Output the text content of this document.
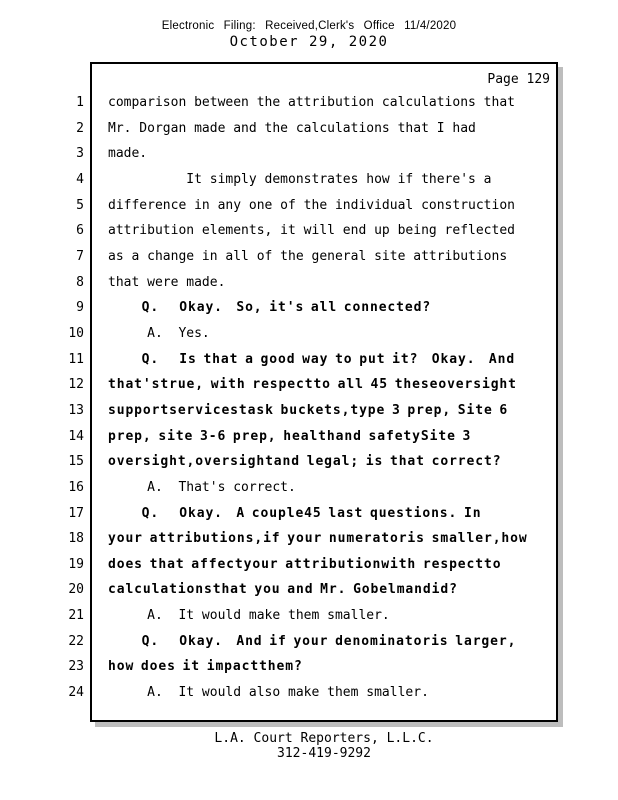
Electronic Filing: Received,Clerk's Office 11/4/2020
October 29, 2020
Page 129
1 comparison between the attribution calculations that
2 Mr. Dorgan made and the calculations that I had
3 made.
4 It simply demonstrates how if there's a
5 difference in any one of the individual construction
6 attribution elements, it will end up being reflected
7 as a change in all of the general site attributions
8 that were made.
9 Q.   Okay.  So, it's all connected?
10 A.  Yes.
11 Q.   Is that a good way to put it?  Okay.  And
12 that'strue, with respectto all 45 theseoversight
13 supportservicestask buckets,type 3 prep, Site 6
14 prep, site 3-6 prep, healthand safetySite 3
15 oversight,oversightand legal; is that correct?
16 A.  That's correct.
17 Q.   Okay.  A couple45 last questions. In
18 your attributions,if your numeratoris smaller,how
19 does that affectyour attributionwith respectto
20 calculationsthat you and Mr. Gobelmandid?
21 A.  It would make them smaller.
22 Q.   Okay.  And if your denominatoris larger,
23 how does it impactthem?
24 A.  It would also make them smaller.
L.A. Court Reporters, L.L.C.
312-419-9292
